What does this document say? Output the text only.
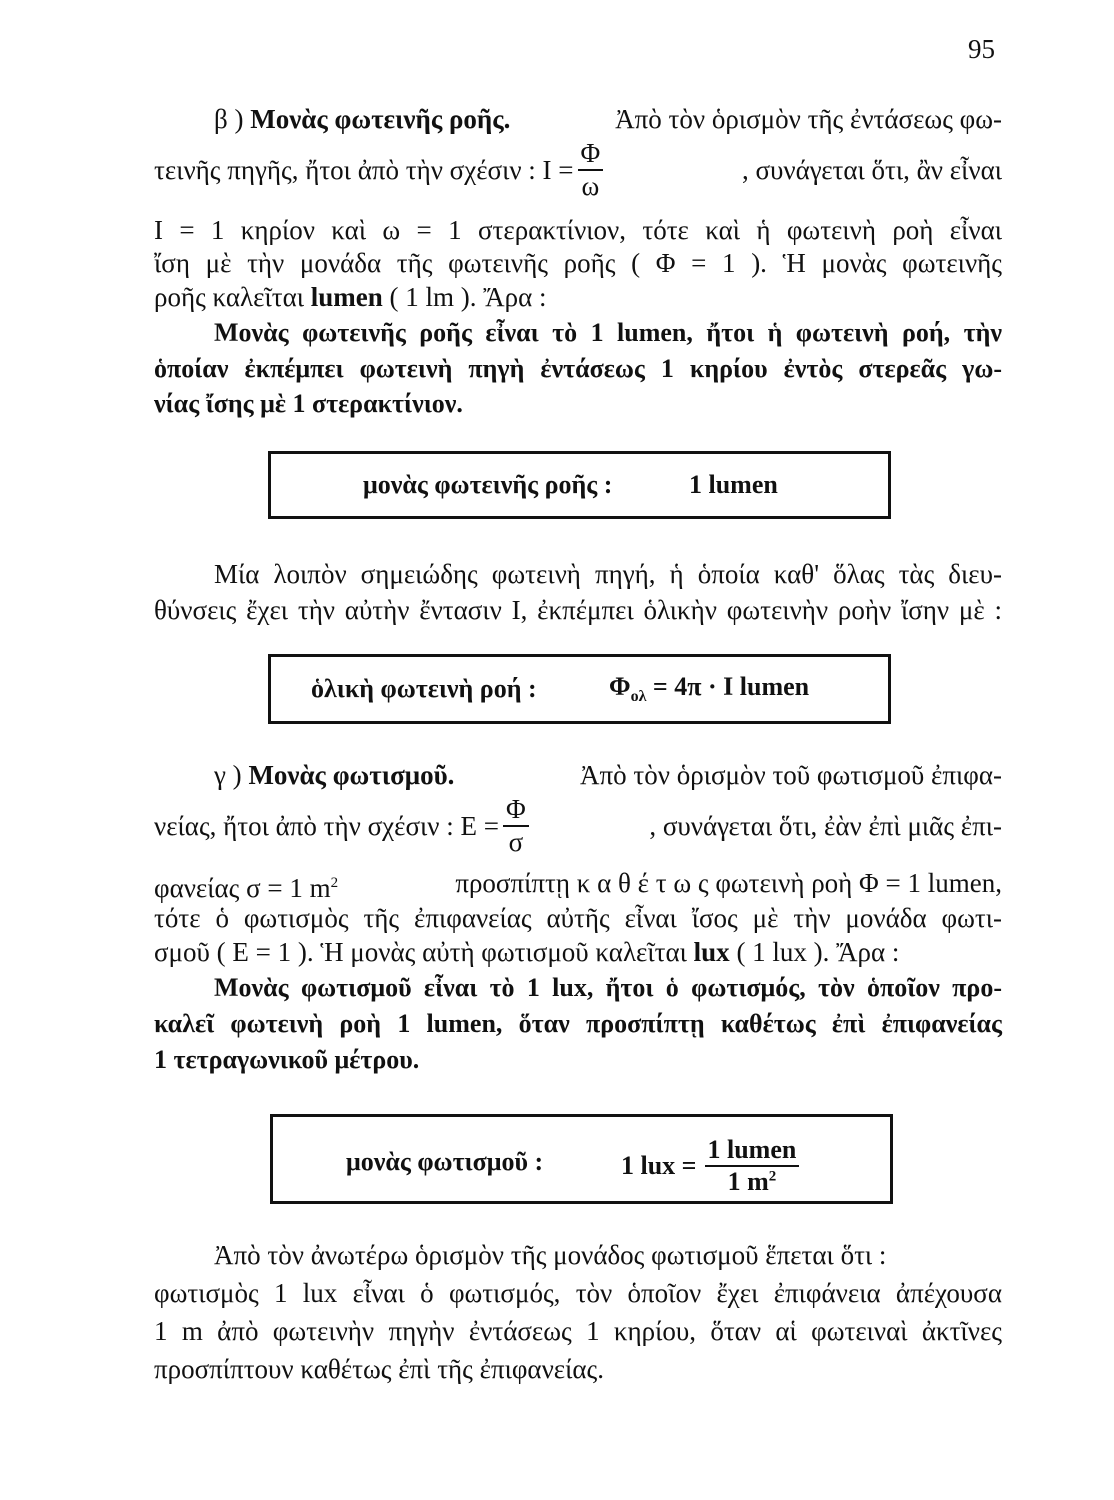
95
β ) Μονὰς φωτεινῆς ροῆς.	Ἀπὸ τὸν ὁρισμὸν τῆς ἐντάσεως φω-
τεινῆς πηγῆς, ἤτοι ἀπὸ τὴν σχέσιν : $I = \frac{\Phi}{\omega}$	, συνάγεται ὅτι, ἂν εἶναι
Ι = 1 κηρίον καὶ ω = 1 στερακτίνιον, τότε καὶ ἡ φωτεινὴ ροὴ εἶναι
ἴση μὲ τὴν μονάδα τῆς φωτεινῆς ροῆς ( Φ = 1 ). Ἡ μονὰς φωτεινῆς
ροῆς καλεῖται lumen ( 1 lm ). Ἄρα :
Μονὰς φωτεινῆς ροῆς εἶναι τὸ 1 lumen, ἤτοι ἡ φωτεινὴ ροή, τὴν
ὁποίαν ἐκπέμπει φωτεινὴ πηγὴ ἐντάσεως 1 κηρίου ἐντὸς στερεᾶς γω-
νίας ἴσης μὲ 1 στερακτίνιον.
μονὰς φωτεινῆς ροῆς :	1 lumen
Μία λοιπὸν σημειώδης φωτεινὴ πηγή, ἡ ὁποία καθ' ὅλας τὰς διευ-
θύνσεις ἔχει τὴν αὐτὴν ἔντασιν Ι, ἐκπέμπει ὁλικὴν φωτεινὴν ροὴν ἴσην μὲ :
ὁλικὴ φωτεινὴ ροή :	$\Phi_{o\lambda} = 4\pi \cdot I$ lumen
γ ) Μονὰς φωτισμοῦ.	Ἀπὸ τὸν ὁρισμὸν τοῦ φωτισμοῦ ἐπιφα-
νείας, ἤτοι ἀπὸ τὴν σχέσιν : $E = \frac{\Phi}{\sigma}$	, συνάγεται ὅτι, ἐὰν ἐπὶ μιᾶς ἐπι-
φανείας σ = 1 $m^2$	προσπίπτῃ κ α θ έ τ ω ς φωτεινὴ ροὴ Φ = 1 lumen,
τότε ὁ φωτισμὸς τῆς ἐπιφανείας αὐτῆς εἶναι ἴσος μὲ τὴν μονάδα φωτι-
σμοῦ ( Ε = 1 ). Ἡ μονὰς αὐτὴ φωτισμοῦ καλεῖται lux ( 1 lux ). Ἄρα :
Μονὰς φωτισμοῦ εἶναι τὸ 1 lux, ἤτοι ὁ φωτισμός, τὸν ὁποῖον προ-
καλεῖ φωτεινὴ ροὴ 1 lumen, ὅταν προσπίπτῃ καθέτως ἐπὶ ἐπιφανείας
1 τετραγωνικοῦ μέτρου.
μονὰς φωτισμοῦ :	1 lux = $\frac{\text{1 lumen}}{1 m^2}$
Ἀπὸ τὸν ἀνωτέρω ὁρισμὸν τῆς μονάδος φωτισμοῦ ἕπεται ὅτι :
φωτισμὸς 1 lux εἶναι ὁ φωτισμός, τὸν ὁποῖον ἔχει ἐπιφάνεια ἀπέχουσα
1 m ἀπὸ φωτεινὴν πηγὴν ἐντάσεως 1 κηρίου, ὅταν αἱ φωτειναὶ ἀκτῖνες
προσπίπτουν καθέτως ἐπὶ τῆς ἐπιφανείας.
